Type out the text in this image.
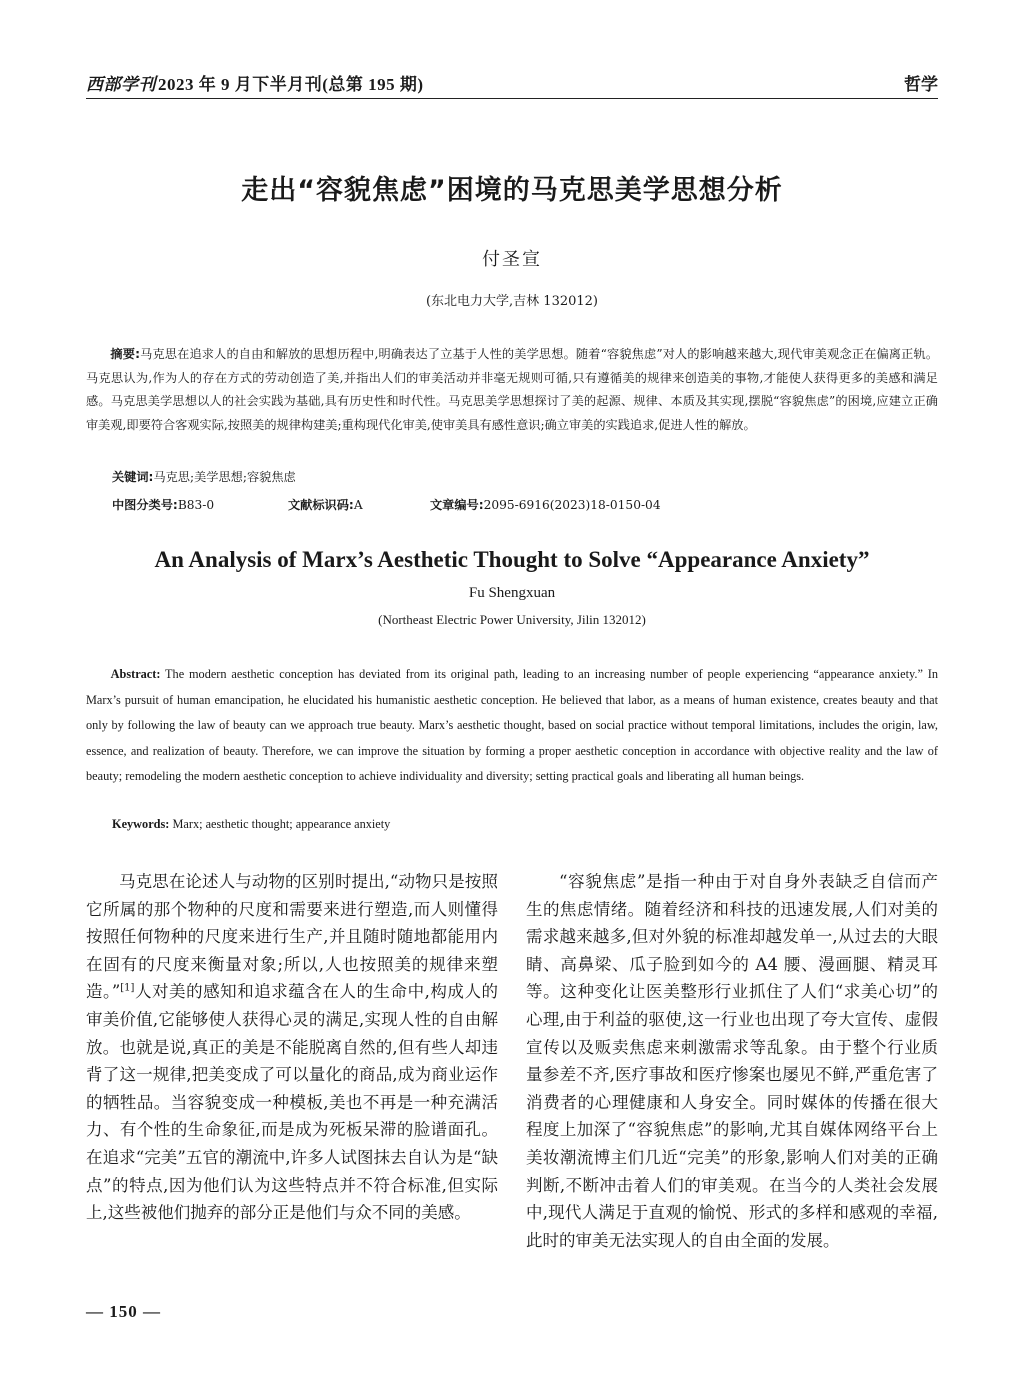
西部学刊 2023 年 9 月下半月刊(总第 195 期)	哲学
走出“容貌焦虑”困境的马克思美学思想分析
付圣宣
(东北电力大学,吉林 132012)
摘要:马克思在追求人的自由和解放的思想历程中,明确表达了立基于人性的美学思想。随着“容貌焦虑”对人的影响越来越大,现代审美观念正在偏离正轨。马克思认为,作为人的存在方式的劳动创造了美,并指出人们的审美活动并非毫无规则可循,只有遵循美的规律来创造美的事物,才能使人获得更多的美感和满足感。马克思美学思想以人的社会实践为基础,具有历史性和时代性。马克思美学思想探讨了美的起源、规律、本质及其实现,摆脱“容貌焦虑”的困境,应建立正确审美观,即要符合客观实际,按照美的规律构建美;重构现代化审美,使审美具有感性意识;确立审美的实践追求,促进人性的解放。
关键词:马克思;美学思想;容貌焦虑
中图分类号:B83-0	文献标识码:A	文章编号:2095-6916(2023)18-0150-04
An Analysis of Marx’s Aesthetic Thought to Solve “Appearance Anxiety”
Fu Shengxuan
(Northeast Electric Power University, Jilin 132012)
Abstract: The modern aesthetic conception has deviated from its original path, leading to an increasing number of people experiencing “appearance anxiety.” In Marx’s pursuit of human emancipation, he elucidated his humanistic aesthetic conception. He believed that labor, as a means of human existence, creates beauty and that only by following the law of beauty can we approach true beauty. Marx’s aesthetic thought, based on social practice without temporal limitations, includes the origin, law, essence, and realization of beauty. Therefore, we can improve the situation by forming a proper aesthetic conception in accordance with objective reality and the law of beauty; remodeling the modern aesthetic conception to achieve individuality and diversity; setting practical goals and liberating all human beings.
Keywords: Marx; aesthetic thought; appearance anxiety
马克思在论述人与动物的区别时提出,“动物只是按照它所属的那个物种的尺度和需要来进行塑造,而人则懂得按照任何物种的尺度来进行生产,并且随时随地都能用内在固有的尺度来衡量对象;所以,人也按照美的规律来塑造。”[1]人对美的感知和追求蕴含在人的生命中,构成人的审美价值,它能够使人获得心灵的满足,实现人性的自由解放。也就是说,真正的美是不能脱离自然的,但有些人却违背了这一规律,把美变成了可以量化的商品,成为商业运作的牺牲品。当容貌变成一种模板,美也不再是一种充满活力、有个性的生命象征,而是成为死板呆滞的脸谱面孔。在追求“完美”五官的潮流中,许多人试图抹去自认为是“缺点”的特点,因为他们认为这些特点并不符合标准,但实际上,这些被他们抛弃的部分正是他们与众不同的美感。
“容貌焦虑”是指一种由于对自身外表缺乏自信而产生的焦虑情绪。随着经济和科技的迅速发展,人们对美的需求越来越多,但对外貌的标准却越发单一,从过去的大眼睛、高鼻梁、瓜子脸到如今的 A4 腰、漫画腿、精灵耳等。这种变化让医美整形行业抓住了人们“求美心切”的心理,由于利益的驱使,这一行业也出现了夸大宣传、虚假宣传以及贩卖焦虑来刺激需求等乱象。由于整个行业质量参差不齐,医疗事故和医疗惨案也屡见不鲜,严重危害了消费者的心理健康和人身安全。同时媒体的传播在很大程度上加深了“容貌焦虑”的影响,尤其自媒体网络平台上美妆潮流博主们几近“完美”的形象,影响人们对美的正确判断,不断冲击着人们的审美观。在当今的人类社会发展中,现代人满足于直观的愉悦、形式的多样和感观的幸福,此时的审美无法实现人的自由全面的发展。
— 150 —
